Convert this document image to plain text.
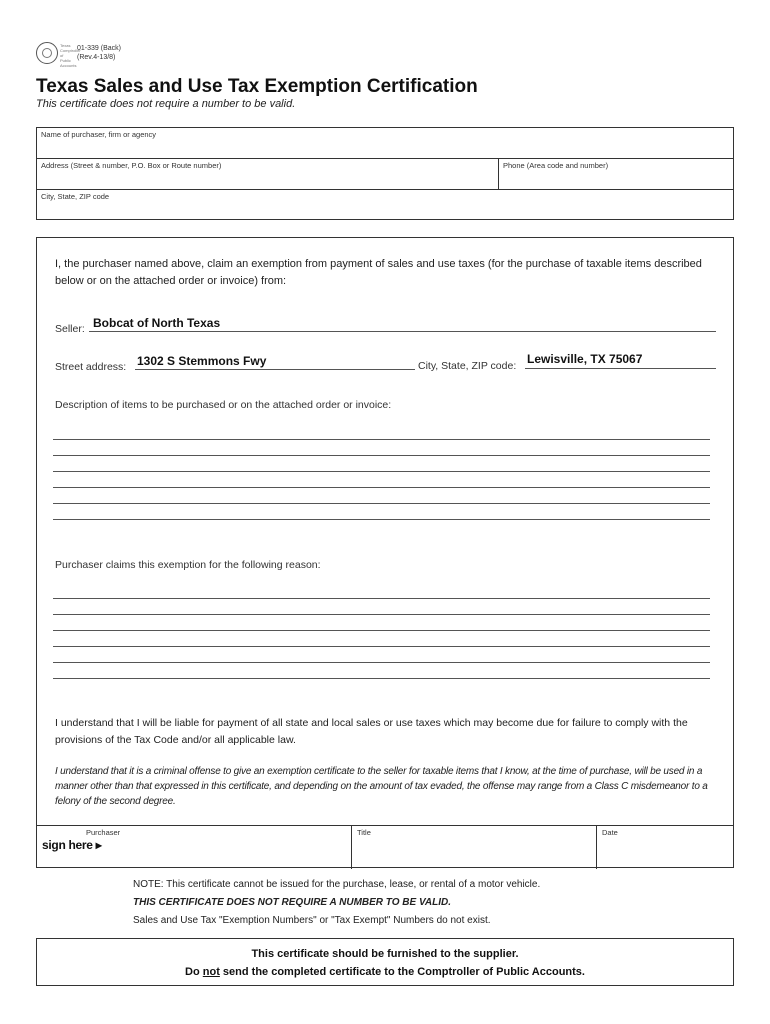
Texas Comptroller of Public Accounts
01-339 (Back)
(Rev.4-13/8)
Texas Sales and Use Tax Exemption Certification
This certificate does not require a number to be valid.
Name of purchaser, firm or agency
Address (Street & number, P.O. Box or Route number)	Phone (Area code and number)
City, State, ZIP code
I, the purchaser named above, claim an exemption from payment of sales and use taxes (for the purchase of taxable items described below or on the attached order or invoice) from:
Seller: Bobcat of North Texas
Street address: 1302 S Stemmons Fwy	City, State, ZIP code: Lewisville, TX 75067
Description of items to be purchased or on the attached order or invoice:
Purchaser claims this exemption for the following reason:
I understand that I will be liable for payment of all state and local sales or use taxes which may become due for failure to comply with the provisions of the Tax Code and/or all applicable law.
I understand that it is a criminal offense to give an exemption certificate to the seller for taxable items that I know, at the time of purchase, will be used in a manner other than that expressed in this certificate, and depending on the amount of tax evaded, the offense may range from a Class C misdemeanor to a felony of the second degree.
sign here ▸
Purchaser	Title	Date
NOTE: This certificate cannot be issued for the purchase, lease, or rental of a motor vehicle.
THIS CERTIFICATE DOES NOT REQUIRE A NUMBER TO BE VALID.
Sales and Use Tax "Exemption Numbers" or "Tax Exempt" Numbers do not exist.
This certificate should be furnished to the supplier.
Do not send the completed certificate to the Comptroller of Public Accounts.
